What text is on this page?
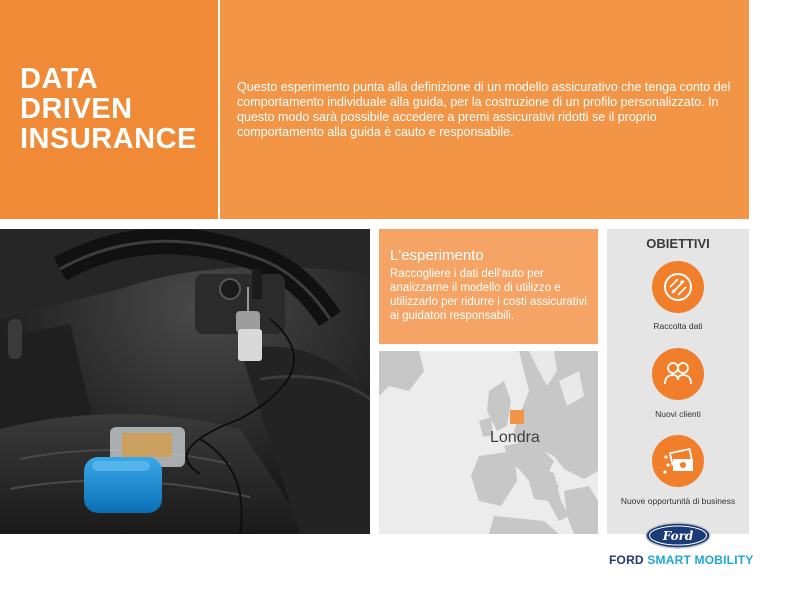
DATA
DRIVEN
INSURANCE

Questo esperimento punta alla definizione di un modello assicurativo che tenga conto del comportamento individuale alla guida, per la costruzione di un profilo personalizzato. In questo modo sarà possibile accedere a premi assicurativi ridotti se il proprio comportamento alla guida è cauto e responsabile.

L'esperimento

Raccogliere i dati dell'auto per analizzarne il modello di utilizzo e utilizzarlo per ridurre i costi assicurativi ai guidatori responsabili.

Londra
OBIETTIVI
Raccolta dati
Nuovi clienti
Nuove opportunità di business
Ford
FORD SMART MOBILITY
